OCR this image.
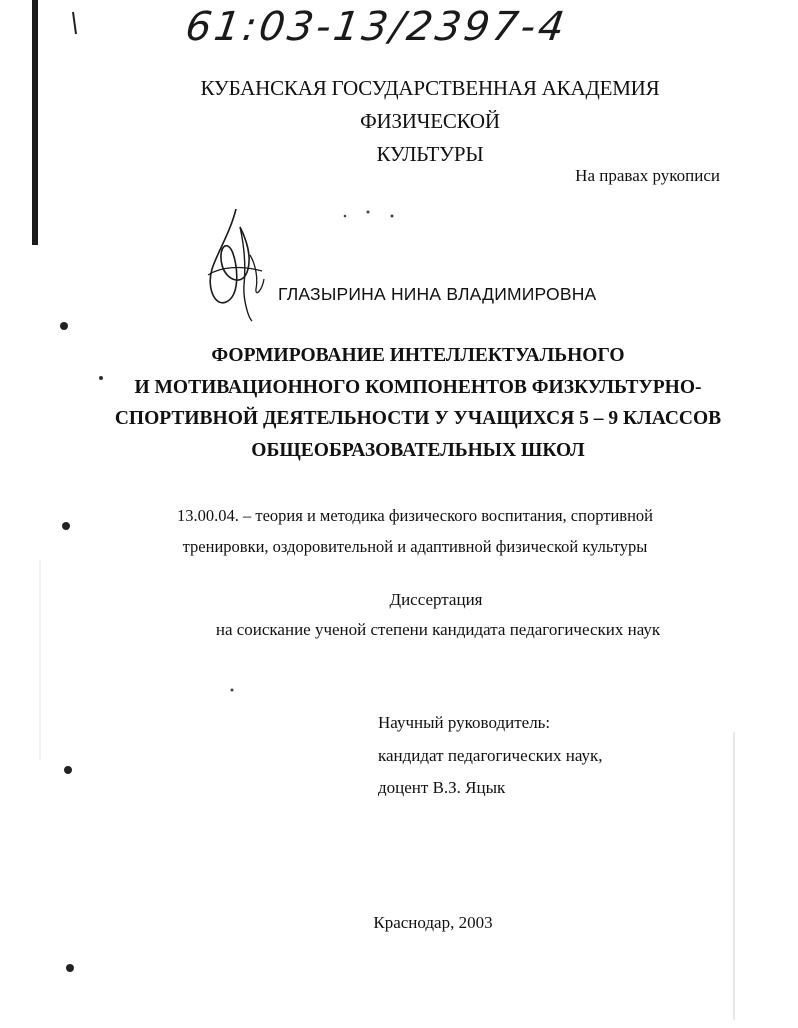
61:03-13/2397-4
КУБАНСКАЯ ГОСУДАРСТВЕННАЯ АКАДЕМИЯ ФИЗИЧЕСКОЙ
КУЛЬТУРЫ
На правах рукописи
ГЛАЗЫРИНА НИНА ВЛАДИМИРОВНА
ФОРМИРОВАНИЕ ИНТЕЛЛЕКТУАЛЬНОГО
И МОТИВАЦИОННОГО КОМПОНЕНТОВ ФИЗКУЛЬТУРНО-
СПОРТИВНОЙ ДЕЯТЕЛЬНОСТИ У УЧАЩИХСЯ 5 – 9 КЛАССОВ
ОБЩЕОБРАЗОВАТЕЛЬНЫХ ШКОЛ
13.00.04. – теория и методика физического воспитания, спортивной
тренировки, оздоровительной и адаптивной физической культуры
Диссертация
на соискание ученой степени кандидата педагогических наук
Научный руководитель:
кандидат педагогических наук,
доцент В.З. Яцык
Краснодар, 2003
